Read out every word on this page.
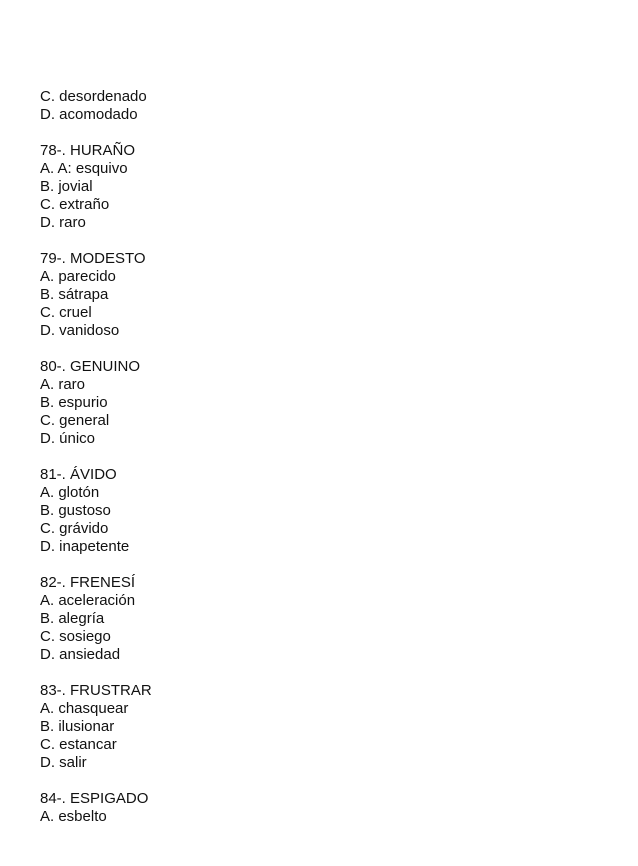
C. desordenado
D. acomodado
78-. HURAÑO
A. A: esquivo
B. jovial
C. extraño
D. raro
79-. MODESTO
A. parecido
B. sátrapa
C. cruel
D. vanidoso
80-. GENUINO
A. raro
B. espurio
C. general
D. único
81-. ÁVIDO
A. glotón
B. gustoso
C. grávido
D. inapetente
82-. FRENESÍ
A. aceleración
B. alegría
C. sosiego
D. ansiedad
83-. FRUSTRAR
A. chasquear
B. ilusionar
C. estancar
D. salir
84-. ESPIGADO
A. esbelto
